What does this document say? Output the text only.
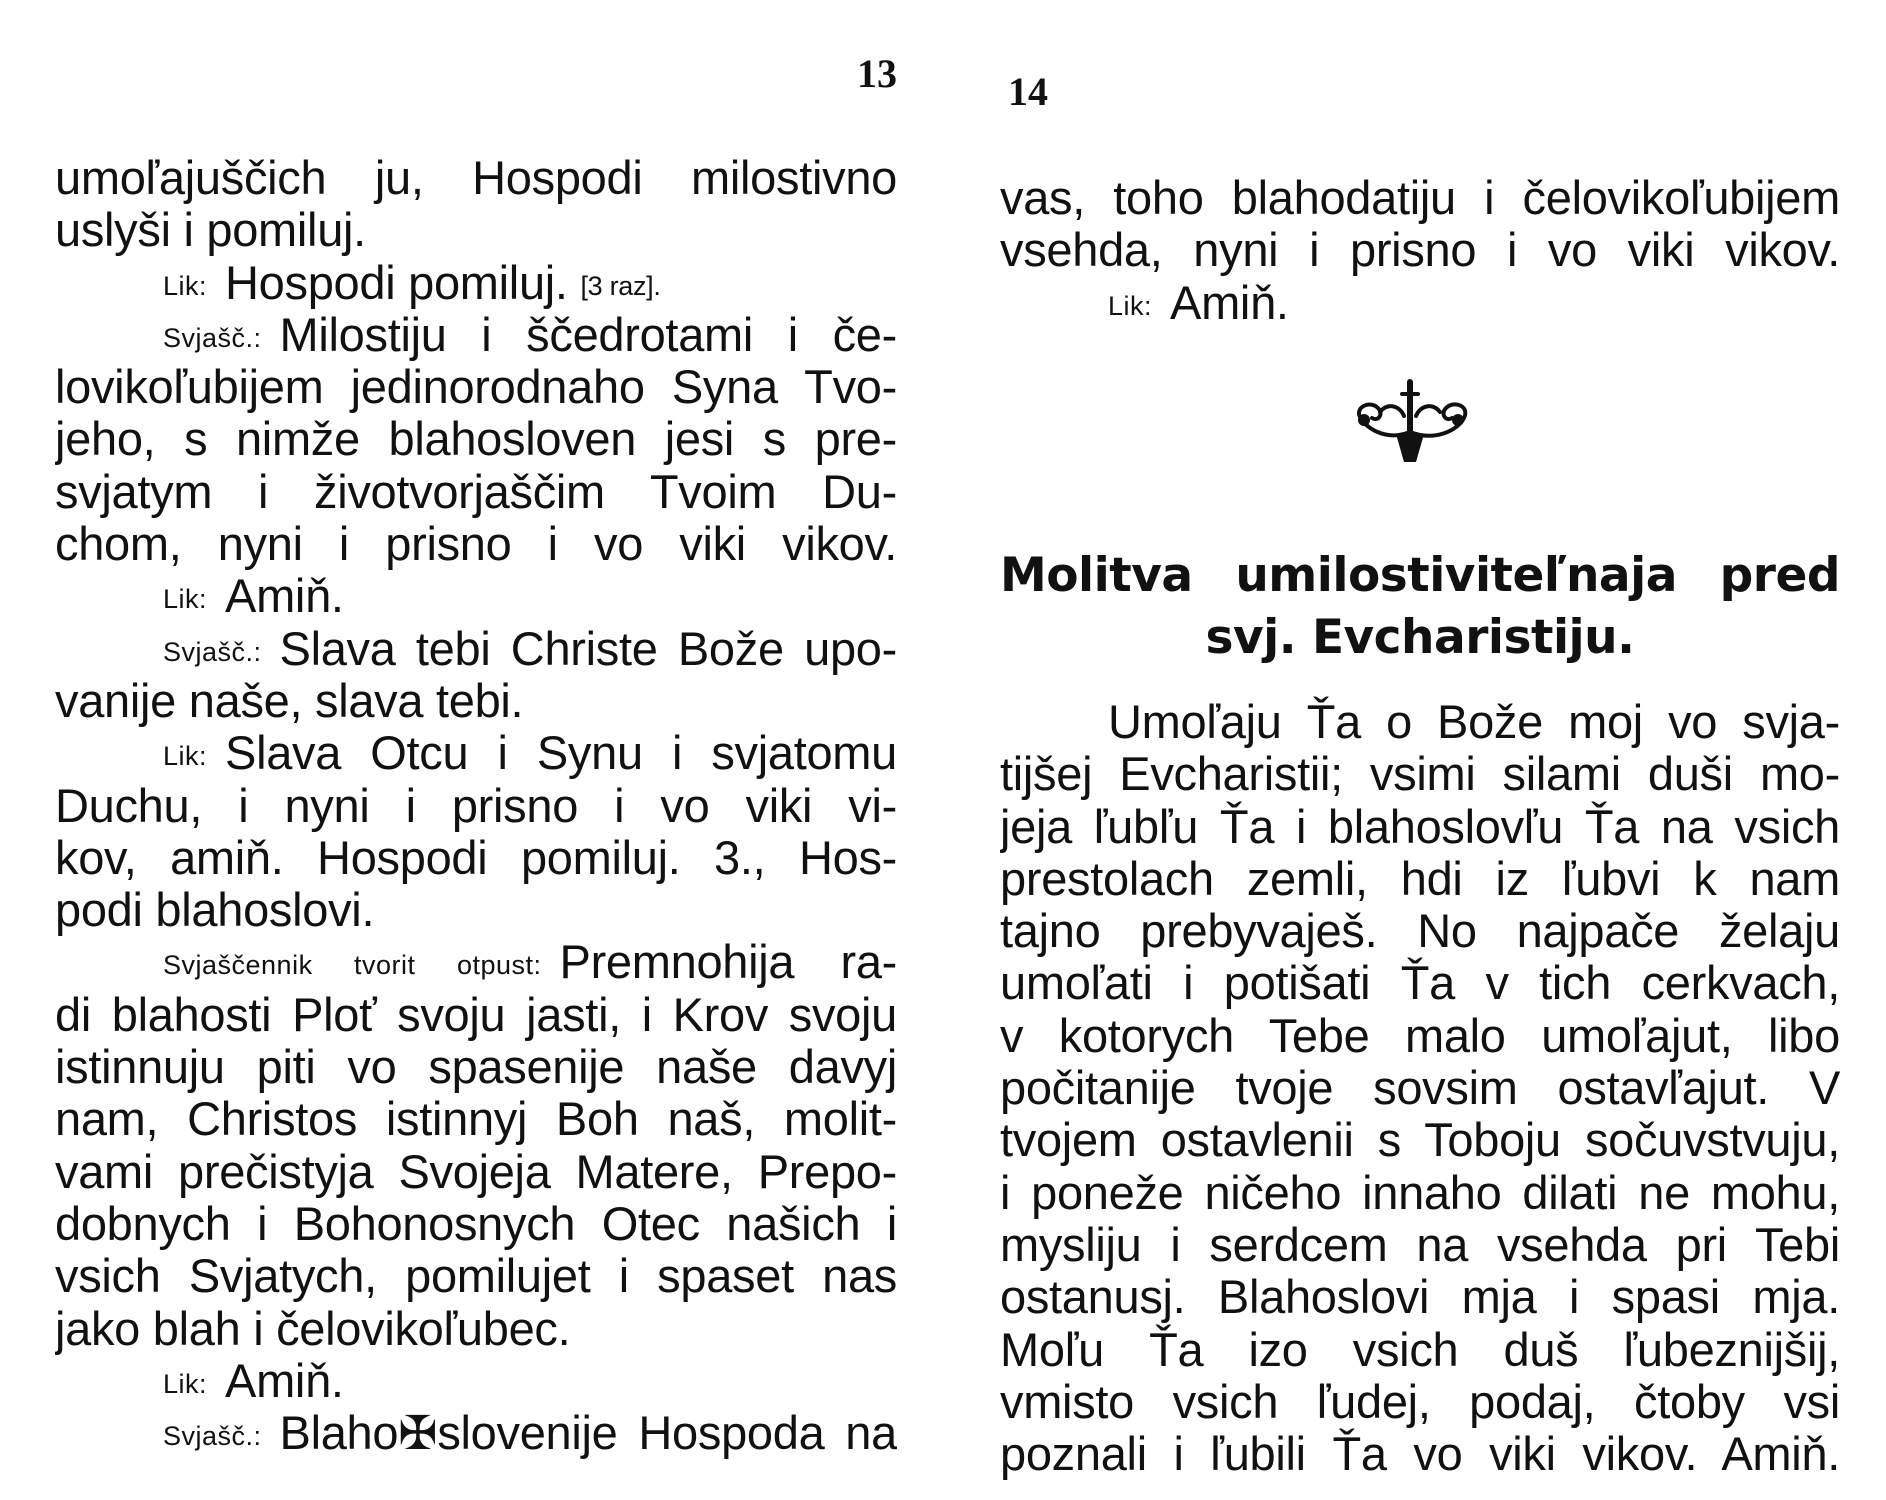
13
umoľajuščich ju, Hospodi milostivno
uslyši i pomiluj.
Lik: Hospodi pomiluj. [3 raz].
Svjašč.: Milostiju i ščedrotami i če-
lovikoľubijem jedinorodnaho Syna Tvo-
jeho, s nimže blahosloven jesi s pre-
svjatym i životvorjaščim Tvoim Du-
chom, nyni i prisno i vo viki vikov.
Lik: Amiň.
Svjašč.: Slava tebi Christe Bože upo-
vanije naše, slava tebi.
Lik: Slava Otcu i Synu i svjatomu
Duchu, i nyni i prisno i vo viki vi-
kov, amiň. Hospodi pomiluj. 3., Hos-
podi blahoslovi.
Svjaščennik tvorit otpust: Premnohija ra-
di blahosti Ploť svoju jasti, i Krov svoju
istinnuju piti vo spasenije naše davyj
nam, Christos istinnyj Boh naš, molit-
vami prečistyja Svojeja Matere, Prepo-
dobnych i Bohonosnych Otec našich i
vsich Svjatych, pomilujet i spaset nas
jako blah i čelovikoľubec.
Lik: Amiň.
Svjašč.: Blaho✠slovenije Hospoda na
14
vas, toho blahodatiju i čelovikoľubijem
vsehda, nyni i prisno i vo viki vikov.
Lik: Amiň.
Molitva umilostiviteľnaja pred
svj. Evcharistiju.
Umoľaju Ťa o Bože moj vo svja-
tijšej Evcharistii; vsimi silami duši mo-
jeja ľubľu Ťa i blahoslovľu Ťa na vsich
prestolach zemli, hdi iz ľubvi k nam
tajno prebyvaješ. No najpače želaju
umoľati i potišati Ťa v tich cerkvach,
v kotorych Tebe malo umoľajut, libo
počitanije tvoje sovsim ostavľajut. V
tvojem ostavlenii s Toboju sočuvstvuju,
i poneže ničeho innaho dilati ne mohu,
mysliju i serdcem na vsehda pri Tebi
ostanusj. Blahoslovi mja i spasi mja.
Moľu Ťa izo vsich duš ľubeznijšij,
vmisto vsich ľudej, podaj, čtoby vsi
poznali i ľubili Ťa vo viki vikov. Amiň.
